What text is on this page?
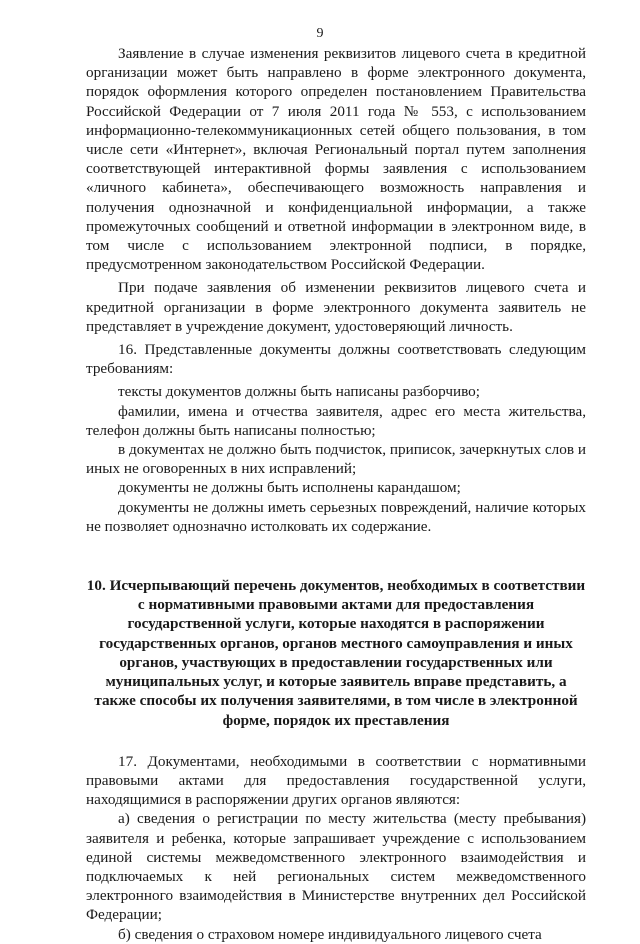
9

Заявление в случае изменения реквизитов лицевого счета в кредитной организации может быть направлено в форме электронного документа, порядок оформления которого определен постановлением Правительства Российской Федерации от 7 июля 2011 года № 553, с использованием информационно-телекоммуникационных сетей общего пользования, в том числе сети «Интернет», включая Региональный портал путем заполнения соответствующей интерактивной формы заявления с использованием «личного кабинета», обеспечивающего возможность направления и получения однозначной и конфиденциальной информации, а также промежуточных сообщений и ответной информации в электронном виде, в том числе с использованием электронной подписи, в порядке, предусмотренном законодательством Российской Федерации.

При подаче заявления об изменении реквизитов лицевого счета и кредитной организации в форме электронного документа заявитель не представляет в учреждение документ, удостоверяющий личность.

16. Представленные документы должны соответствовать следующим требованиям:

тексты документов должны быть написаны разборчиво;

фамилии, имена и отчества заявителя, адрес его места жительства, телефон должны быть написаны полностью;

в документах не должно быть подчисток, приписок, зачеркнутых слов и иных не оговоренных в них исправлений;

документы не должны быть исполнены карандашом;

документы не должны иметь серьезных повреждений, наличие которых не позволяет однозначно истолковать их содержание.

10. Исчерпывающий перечень документов, необходимых в соответствии с нормативными правовыми актами для предоставления государственной услуги, которые находятся в распоряжении государственных органов, органов местного самоуправления и иных органов, участвующих в предоставлении государственных или муниципальных услуг, и которые заявитель вправе представить, а также способы их получения заявителями, в том числе в электронной форме, порядок их прeставления

17. Документами, необходимыми в соответствии с нормативными правовыми актами для предоставления государственной услуги, находящимися в распоряжении других органов являются:

а) сведения о регистрации по месту жительства (месту пребывания) заявителя и ребенка, которые запрашивает учреждение с использованием единой системы межведомственного электронного взаимодействия и подключаемых к ней региональных систем межведомственного электронного взаимодействия в Министерстве внутренних дел Российской Федерации;

б) сведения о страховом номере индивидуального лицевого счета
